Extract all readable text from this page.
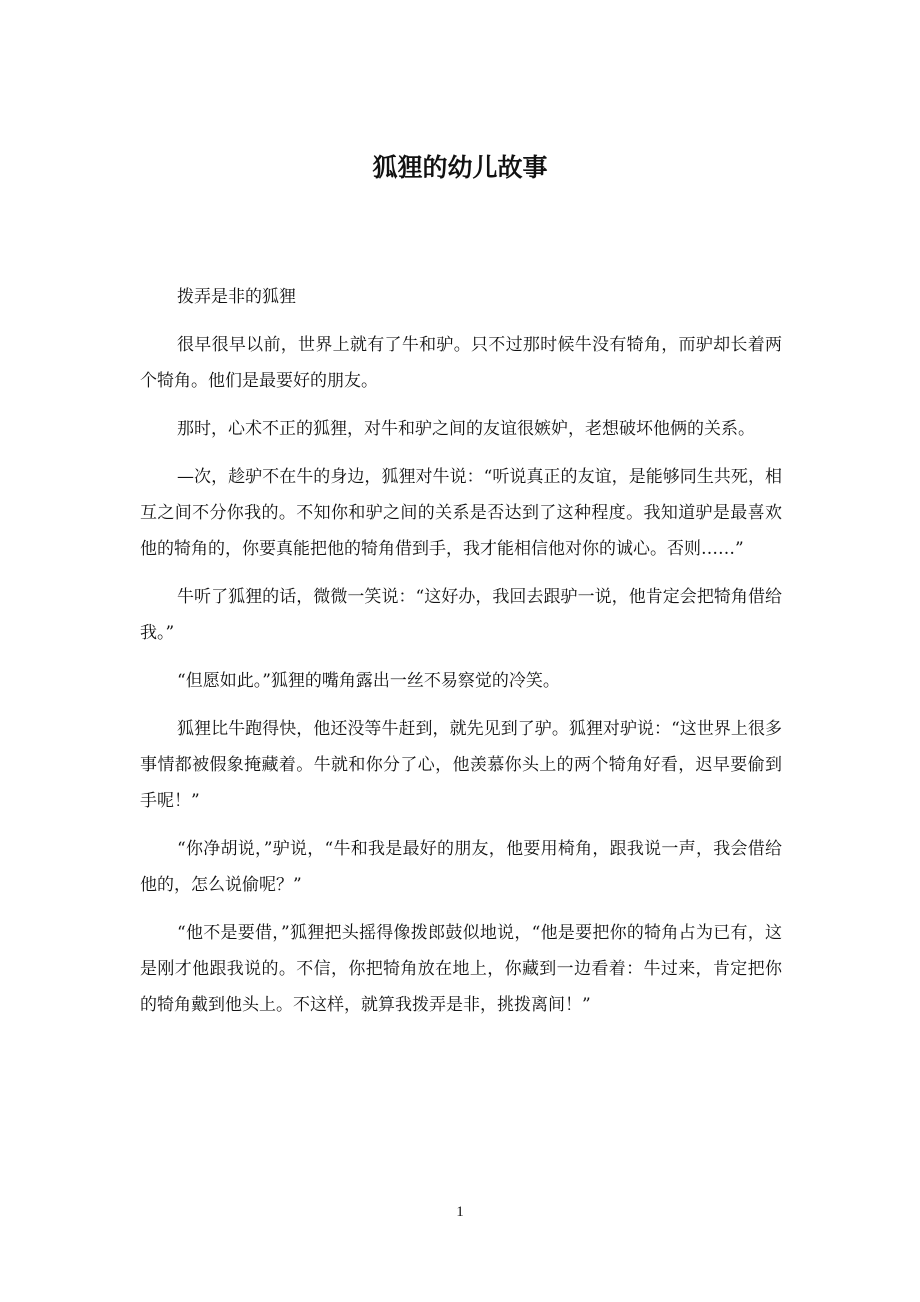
狐狸的幼儿故事

拨弄是非的狐狸

很早很早以前，世界上就有了牛和驴。只不过那时候牛没有犄角，而驴却长着两个犄角。他们是最要好的朋友。

那时，心术不正的狐狸，对牛和驴之间的友谊很嫉妒，老想破坏他俩的关系。

—次，趁驴不在牛的身边，狐狸对牛说：“听说真正的友谊，是能够同生共死，相互之间不分你我的。不知你和驴之间的关系是否达到了这种程度。我知道驴是最喜欢他的犄角的，你要真能把他的犄角借到手，我才能相信他对你的诚心。否则……”

牛听了狐狸的话，微微一笑说：“这好办，我回去跟驴一说，他肯定会把犄角借给我。”

“但愿如此。”狐狸的嘴角露出一丝不易察觉的冷笑。

狐狸比牛跑得快，他还没等牛赶到，就先见到了驴。狐狸对驴说：“这世界上很多事情都被假象掩藏着。牛就和你分了心，他羡慕你头上的两个犄角好看，迟早要偷到手呢！”

“你净胡说，”驴说，“牛和我是最好的朋友，他要用椅角，跟我说一声，我会借给他的，怎么说偷呢？”

“他不是要借，”狐狸把头摇得像拨郎鼓似地说，“他是要把你的犄角占为已有，这是刚才他跟我说的。不信，你把犄角放在地上，你藏到一边看着：牛过来，肯定把你的犄角戴到他头上。不这样，就算我拨弄是非，挑拨离间！”

1
